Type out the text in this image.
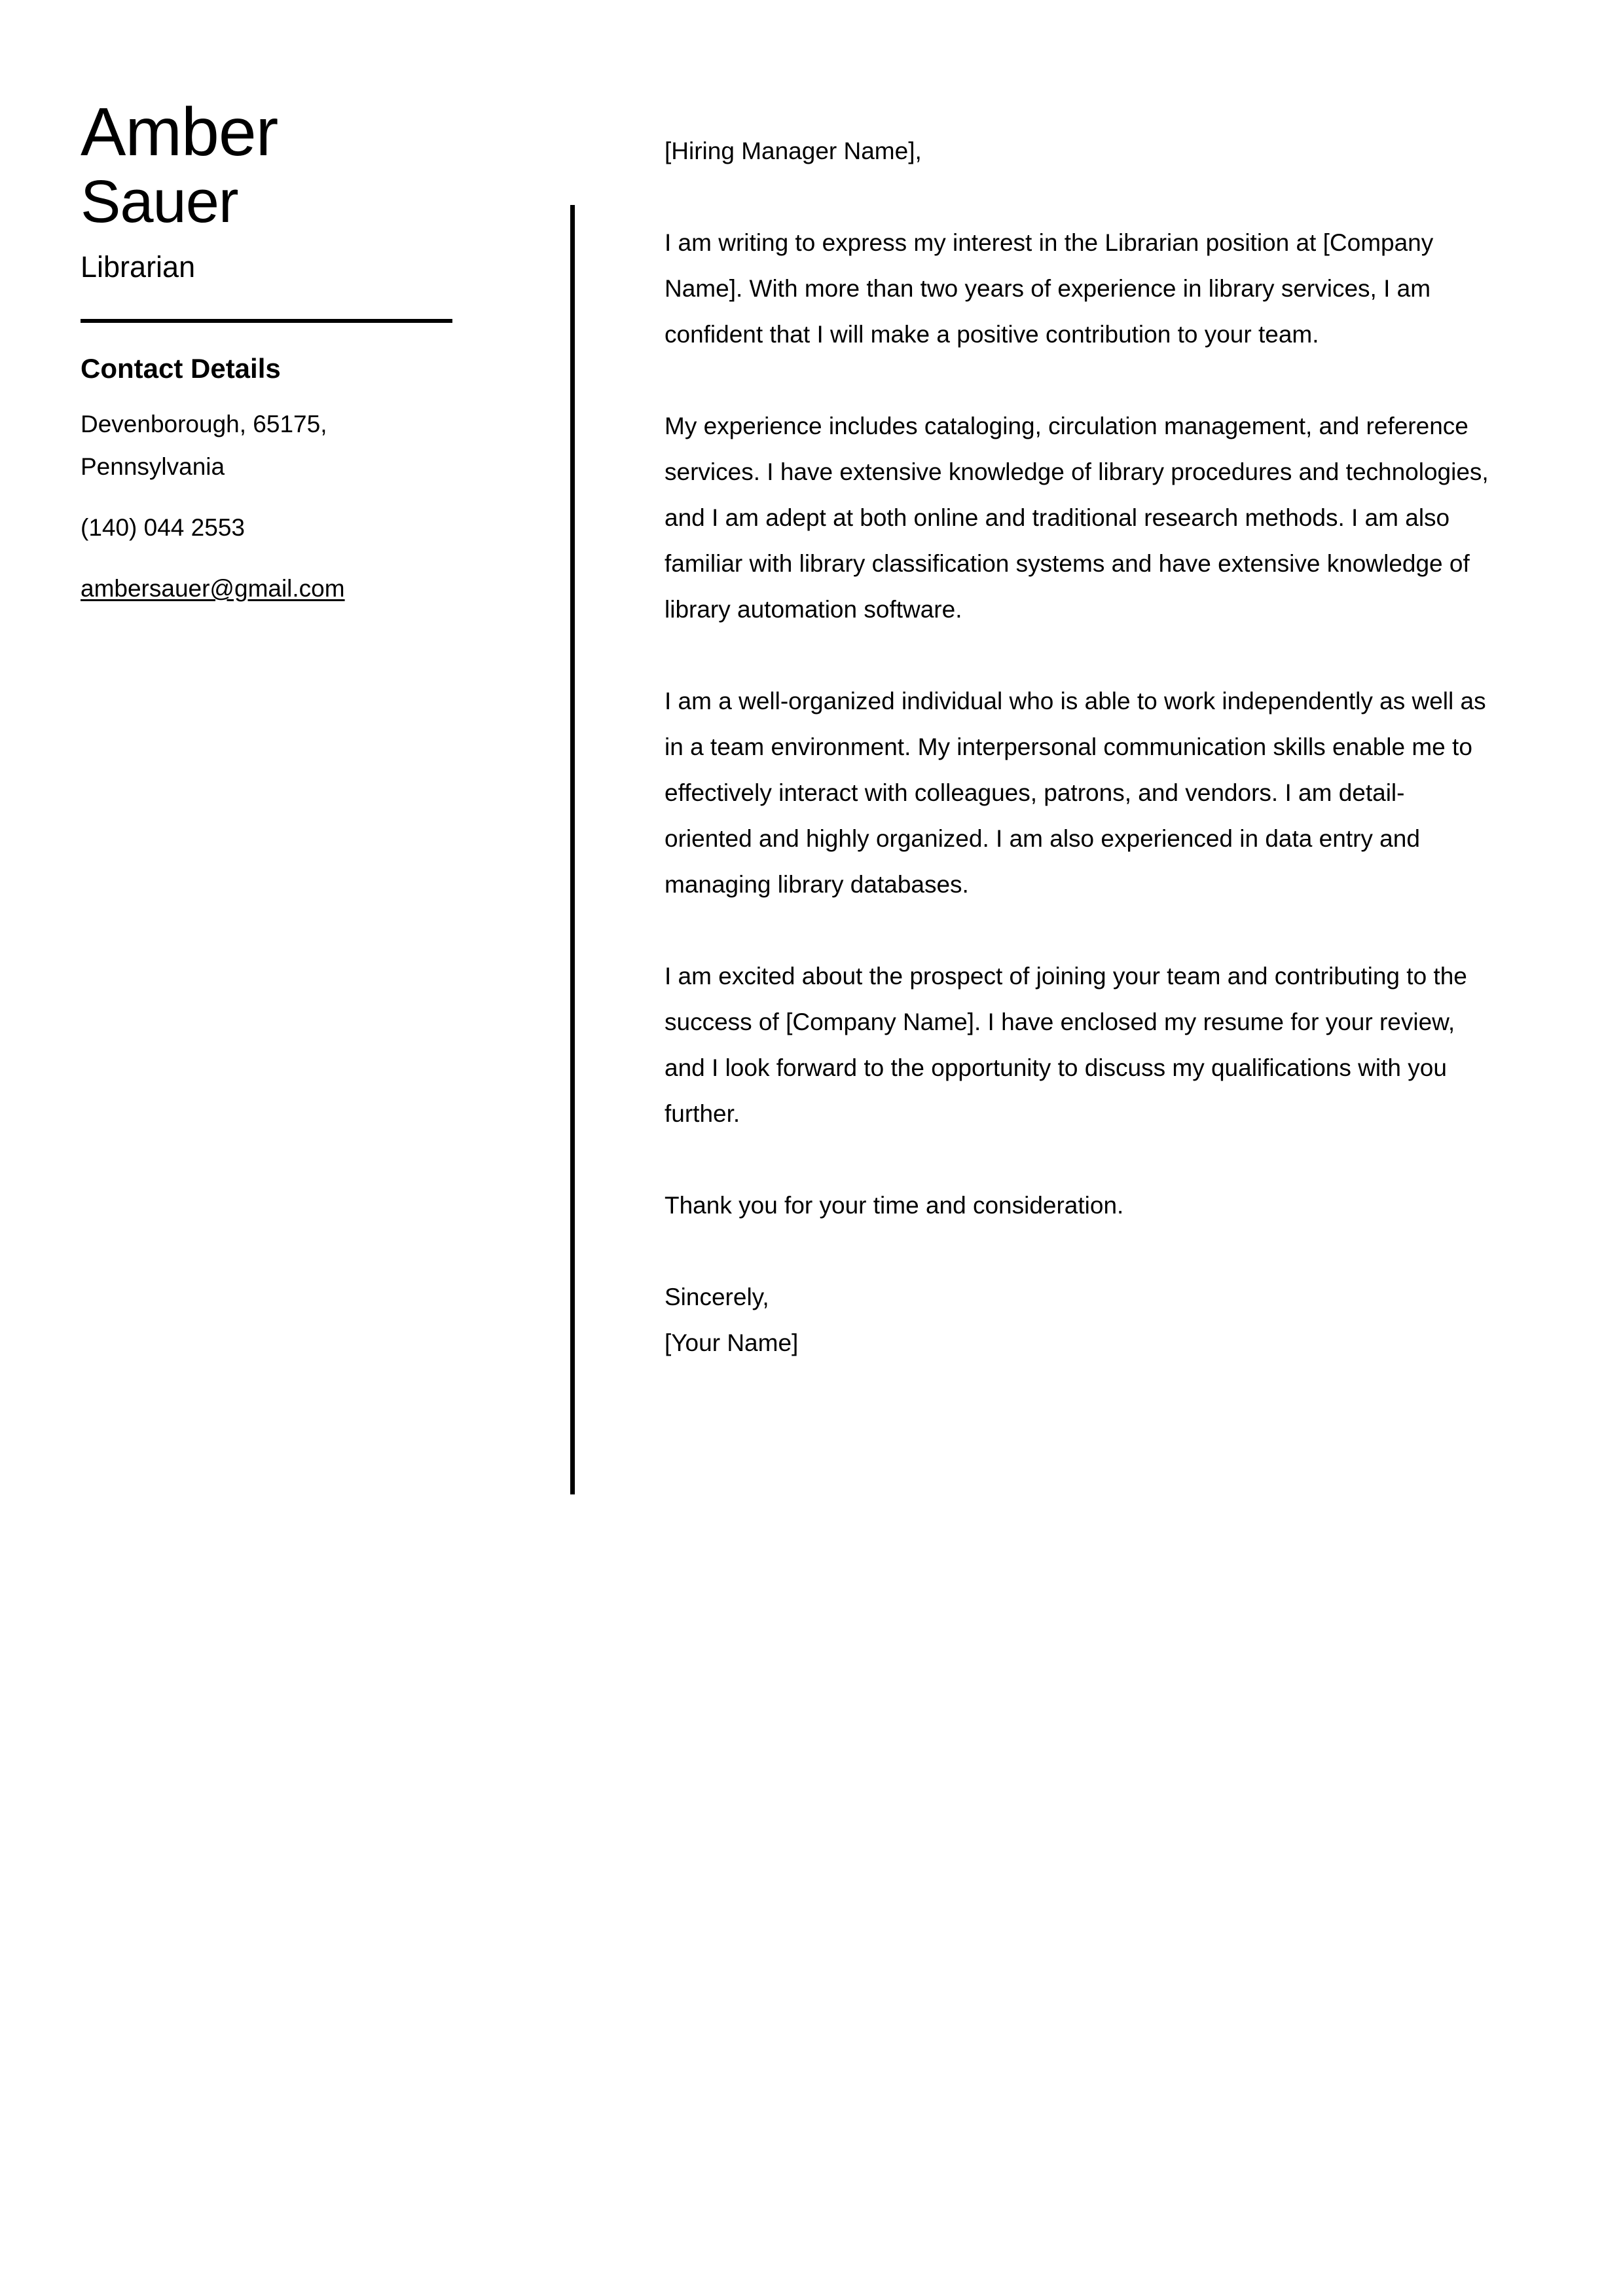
Amber
Sauer
Librarian
Contact Details
Devenborough, 65175,
Pennsylvania
(140) 044 2553
ambersauer@gmail.com

[Hiring Manager Name],

I am writing to express my interest in the Librarian position at [Company Name]. With more than two years of experience in library services, I am confident that I will make a positive contribution to your team.

My experience includes cataloging, circulation management, and reference services. I have extensive knowledge of library procedures and technologies, and I am adept at both online and traditional research methods. I am also familiar with library classification systems and have extensive knowledge of library automation software.

I am a well-organized individual who is able to work independently as well as in a team environment. My interpersonal communication skills enable me to effectively interact with colleagues, patrons, and vendors. I am detail-oriented and highly organized. I am also experienced in data entry and managing library databases.

I am excited about the prospect of joining your team and contributing to the success of [Company Name]. I have enclosed my resume for your review, and I look forward to the opportunity to discuss my qualifications with you further.

Thank you for your time and consideration.

Sincerely,

[Your Name]
